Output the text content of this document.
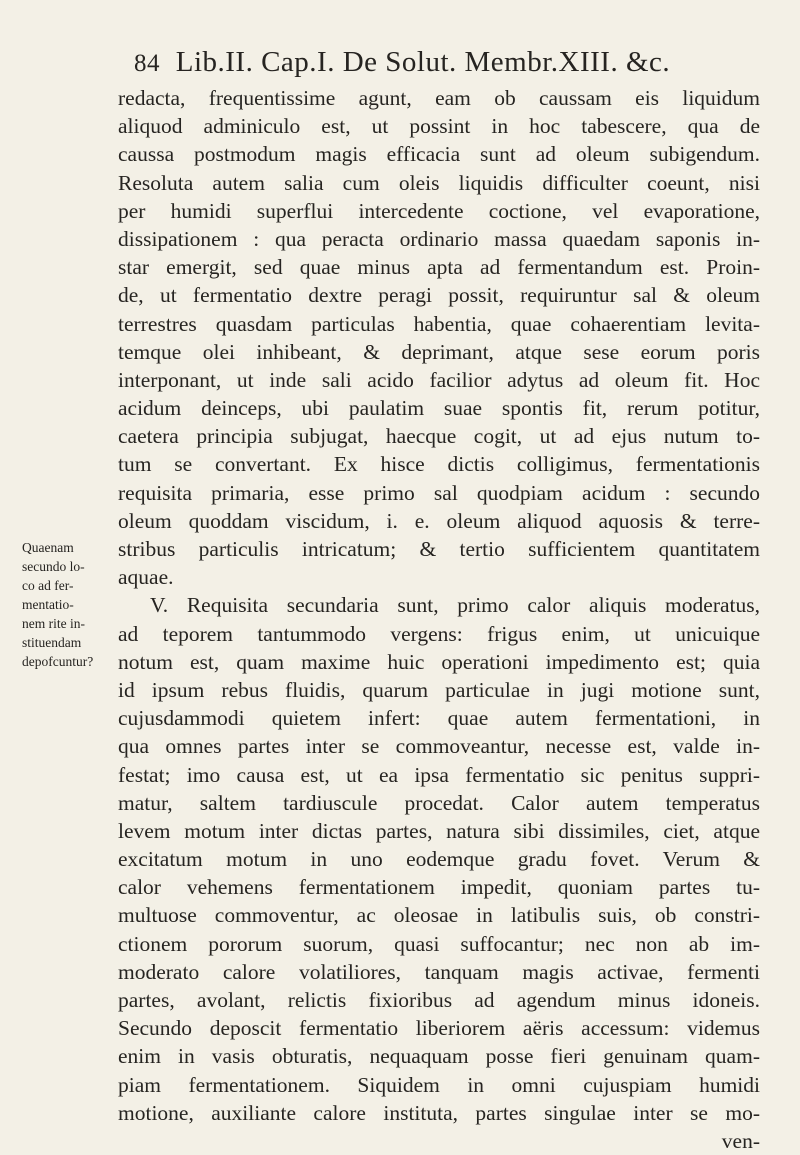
84 Lib.II. Cap.I. De Solut. Membr.XIII. &c.
Quaenam
secundo lo-
co ad fer-
mentatio-
nem rite in-
stituendam
depofcuntur?
redacta, frequentissime agunt, eam ob caussam eis liquidum
aliquod adminiculo est, ut possint in hoc tabescere, qua de
caussa postmodum magis efficacia sunt ad oleum subigendum.
Resoluta autem salia cum oleis liquidis difficulter coeunt, nisi
per humidi superflui intercedente coctione, vel evaporatione,
dissipationem : qua peracta ordinario massa quaedam saponis in-
star emergit, sed quae minus apta ad fermentandum est. Proin-
de, ut fermentatio dextre peragi possit, requiruntur sal & oleum
terrestres quasdam particulas habentia, quae cohaerentiam levita-
temque olei inhibeant, & deprimant, atque sese eorum poris
interponant, ut inde sali acido facilior adytus ad oleum fit. Hoc
acidum deinceps, ubi paulatim suae spontis fit, rerum potitur,
caetera principia subjugat, haecque cogit, ut ad ejus nutum to-
tum se convertant. Ex hisce dictis colligimus, fermentationis
requisita primaria, esse primo sal quodpiam acidum : secundo
oleum quoddam viscidum, i. e. oleum aliquod aquosis & terre-
stribus particulis intricatum; & tertio sufficientem quantitatem
aquae.
V. Requisita secundaria sunt, primo calor aliquis moderatus,
ad teporem tantummodo vergens: frigus enim, ut unicuique
notum est, quam maxime huic operationi impedimento est; quia
id ipsum rebus fluidis, quarum particulae in jugi motione sunt,
cujusdammodi quietem infert: quae autem fermentationi, in
qua omnes partes inter se commoveantur, necesse est, valde in-
festat; imo causa est, ut ea ipsa fermentatio sic penitus suppri-
matur, saltem tardiuscule procedat. Calor autem temperatus
levem motum inter dictas partes, natura sibi dissimiles, ciet, atque
excitatum motum in uno eodemque gradu fovet. Verum &
calor vehemens fermentationem impedit, quoniam partes tu-
multuose commoventur, ac oleosae in latibulis suis, ob constri-
ctionem pororum suorum, quasi suffocantur; nec non ab im-
moderato calore volatiliores, tanquam magis activae, fermenti
partes, avolant, relictis fixioribus ad agendum minus idoneis.
Secundo deposcit fermentatio liberiorem aëris accessum: videmus
enim in vasis obturatis, nequaquam posse fieri genuinam quam-
piam fermentationem. Siquidem in omni cujuspiam humidi
motione, auxiliante calore instituta, partes singulae inter se mo-
ven-
